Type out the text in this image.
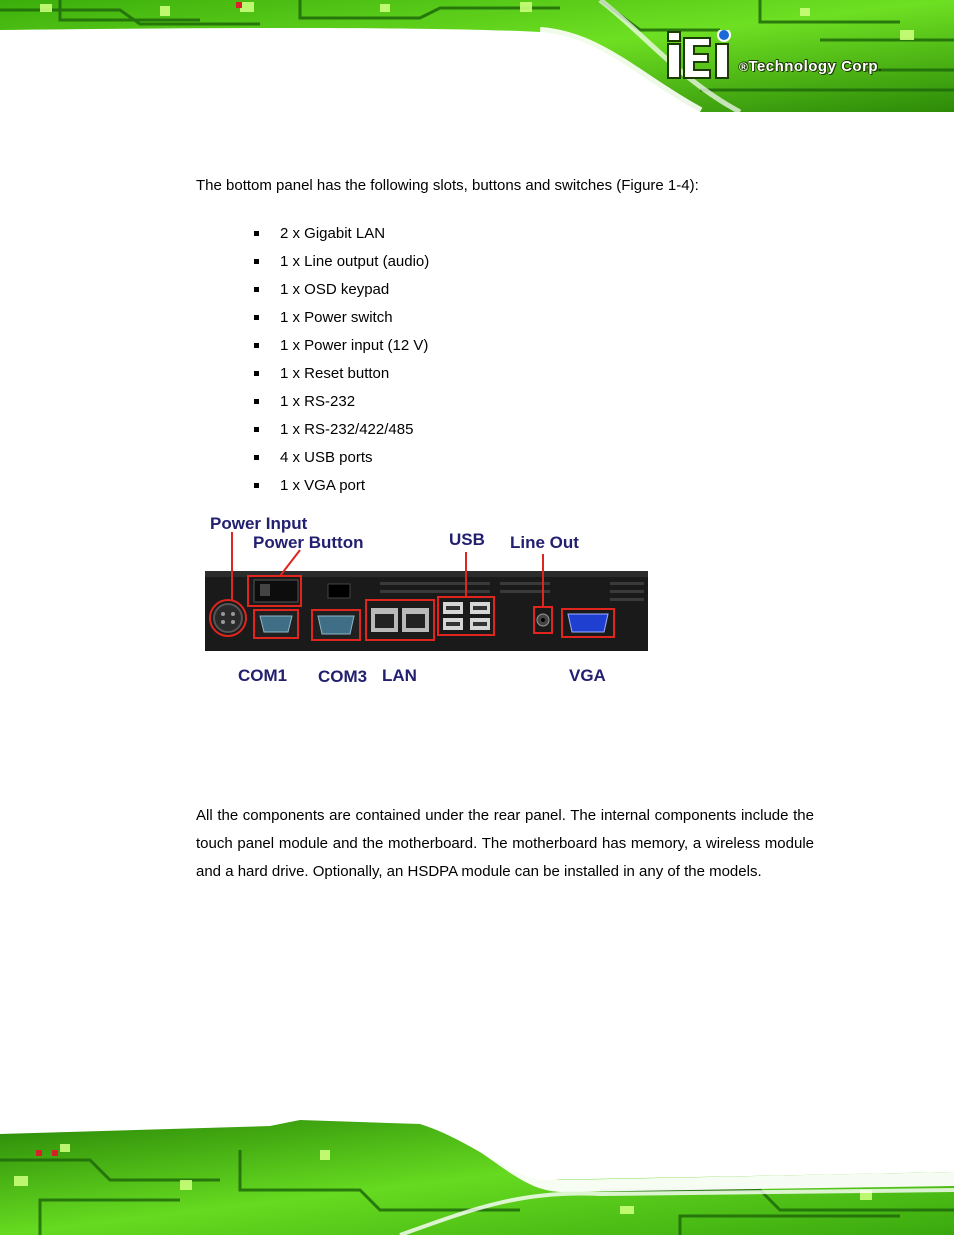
®Technology Corp.
The bottom panel has the following slots, buttons and switches (Figure 1-4):
2 x Gigabit LAN
1 x Line output (audio)
1 x OSD keypad
1 x Power switch
1 x Power input (12 V)
1 x Reset button
1 x RS-232
1 x RS-232/422/485
4 x USB ports
1 x VGA port
Power Input
Power Button	USB Line Out
COM1 COM3 LAN	VGA
All the components are contained under the rear panel. The internal components include the touch panel module and the motherboard. The motherboard has memory, a wireless module and a hard drive. Optionally, an HSDPA module can be installed in any of the models.
